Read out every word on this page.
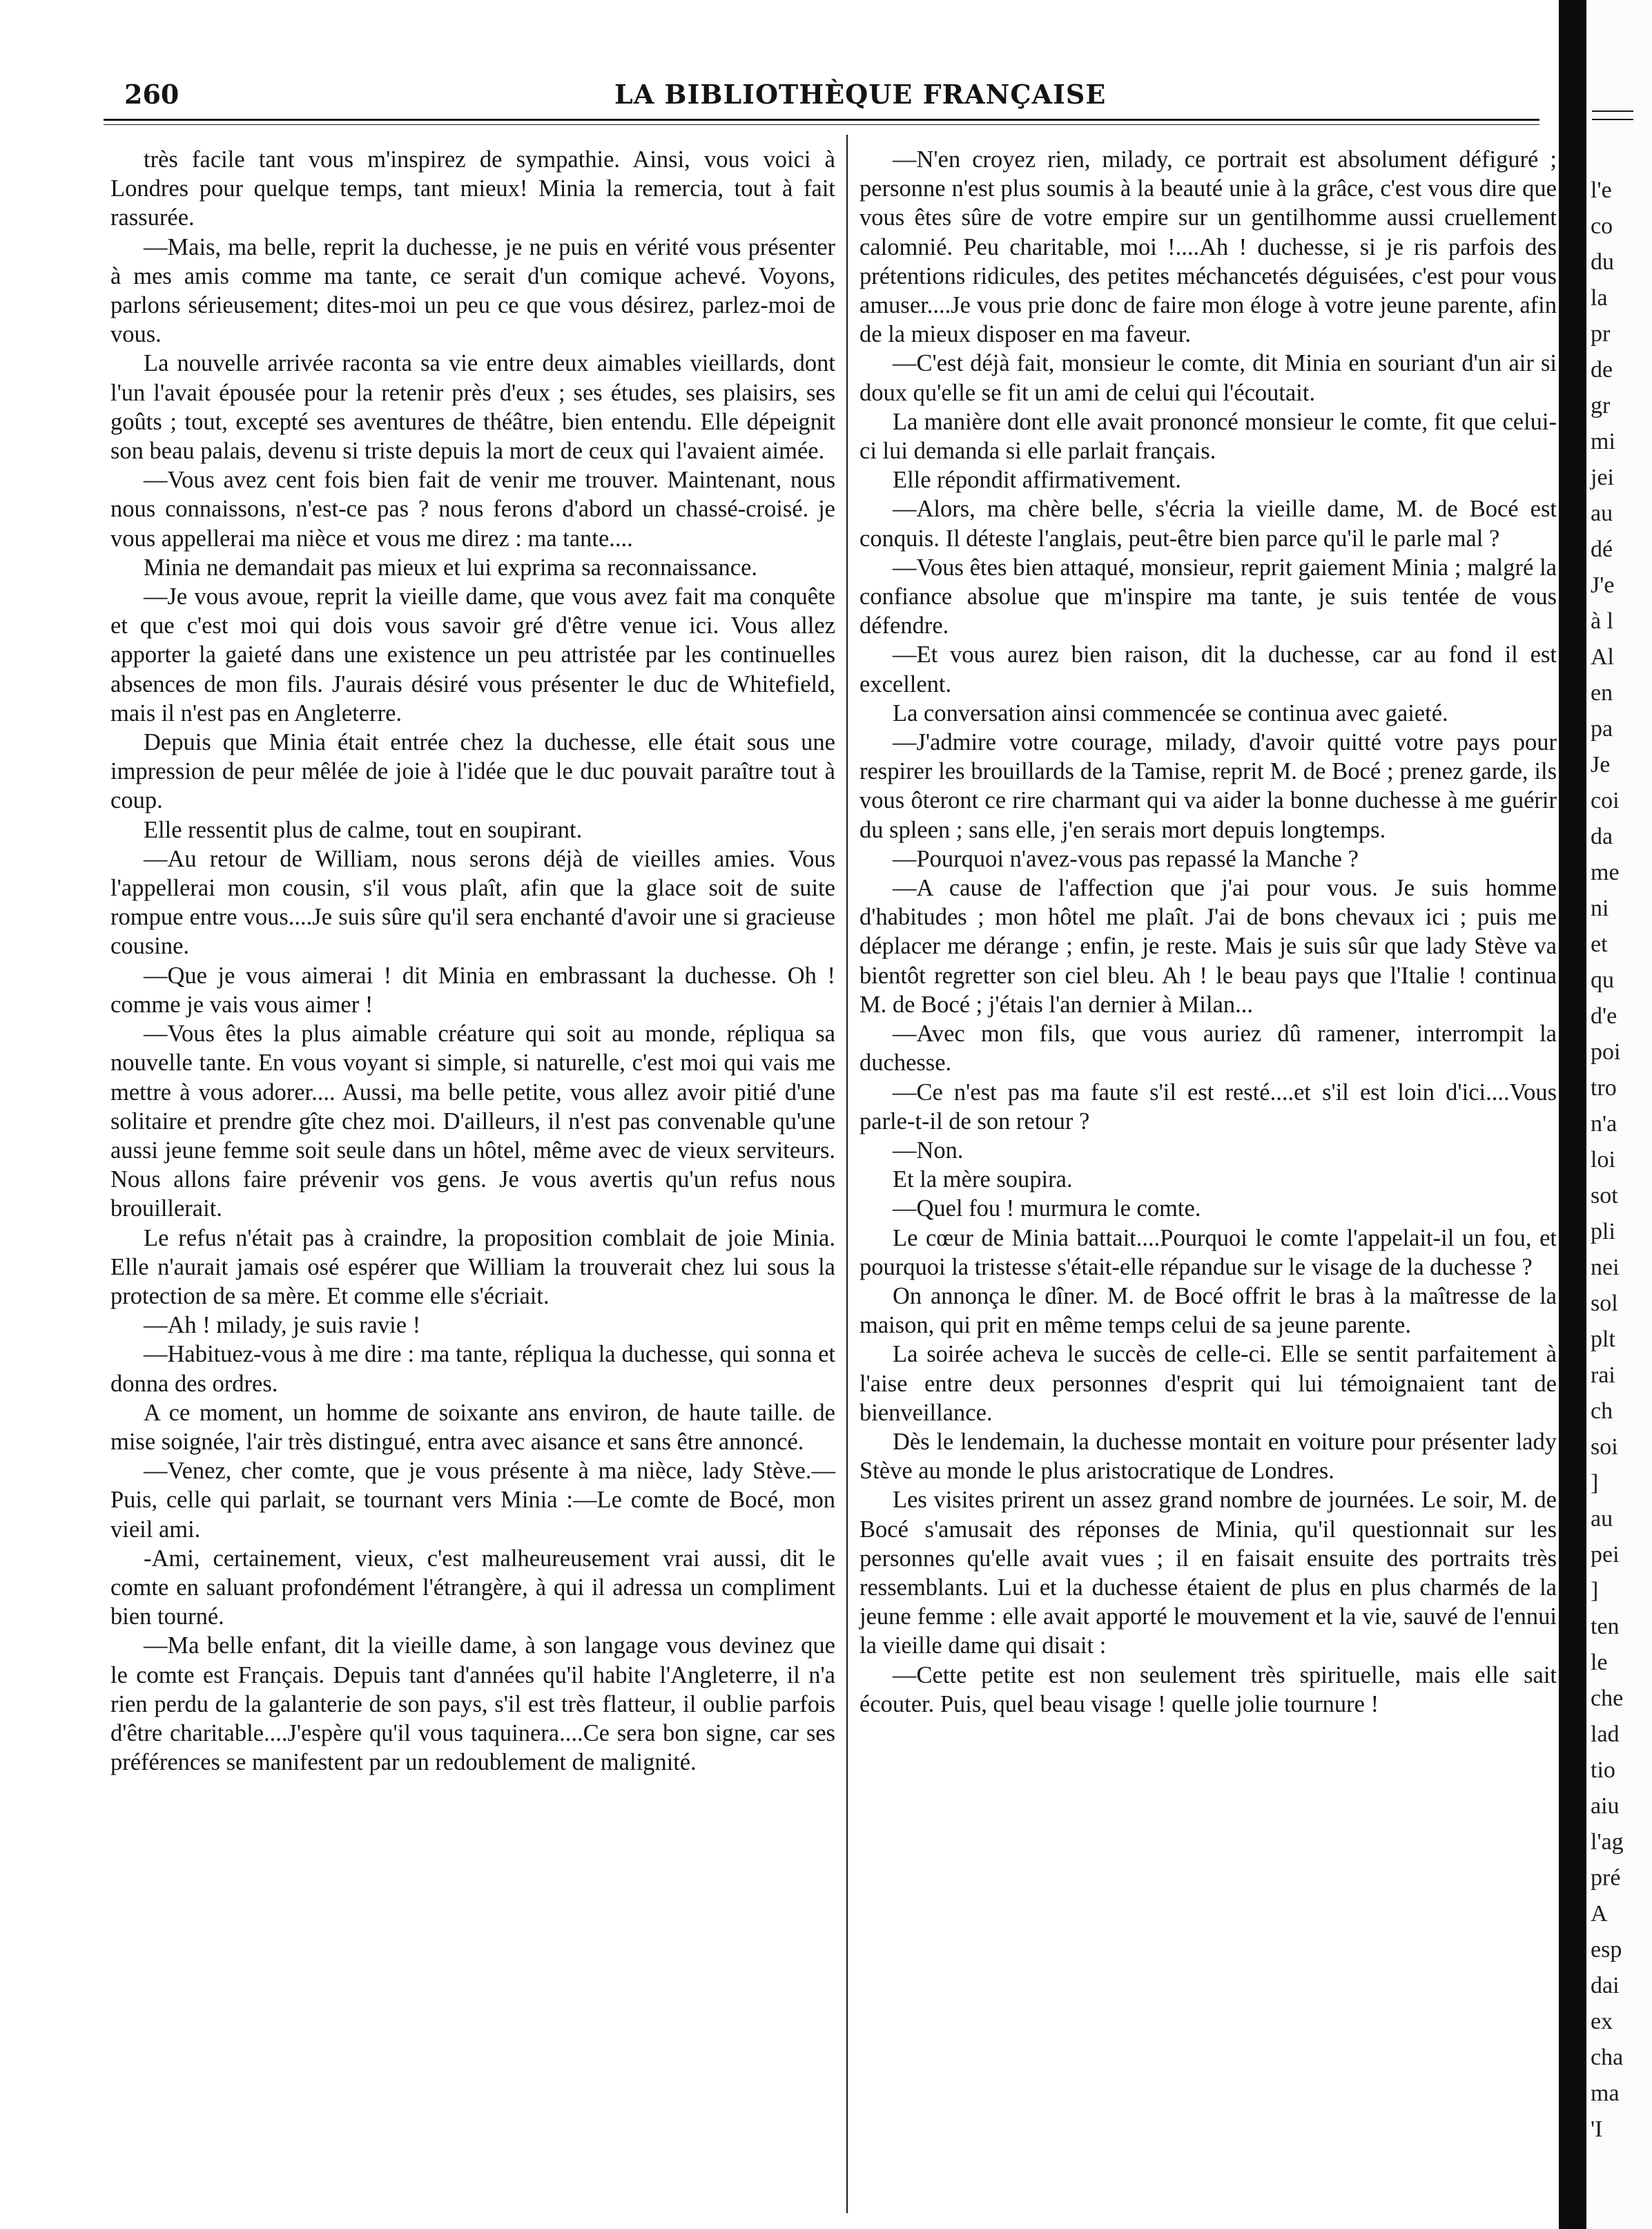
260	LA BIBLIOTHÈQUE FRANÇAISE

très facile tant vous m'inspirez de sympathie. Ainsi, vous voici à Londres pour quelque temps, tant mieux! Minia la remercia, tout à fait rassurée.

—Mais, ma belle, reprit la duchesse, je ne puis en vérité vous présenter à mes amis comme ma tante, ce serait d'un comique achevé. Voyons, parlons sérieusement; dites-moi un peu ce que vous désirez, parlez-moi de vous.

La nouvelle arrivée raconta sa vie entre deux aimables vieillards, dont l'un l'avait épousée pour la retenir près d'eux ; ses études, ses plaisirs, ses goûts ; tout, excepté ses aventures de théâtre, bien entendu. Elle dépeignit son beau palais, devenu si triste depuis la mort de ceux qui l'avaient aimée.

—Vous avez cent fois bien fait de venir me trouver. Maintenant, nous nous connaissons, n'est-ce pas ? nous ferons d'abord un chassé-croisé. je vous appellerai ma nièce et vous me direz : ma tante....

Minia ne demandait pas mieux et lui exprima sa reconnaissance.

—Je vous avoue, reprit la vieille dame, que vous avez fait ma conquête et que c'est moi qui dois vous savoir gré d'être venue ici. Vous allez apporter la gaieté dans une existence un peu attristée par les continuelles absences de mon fils. J'aurais désiré vous présenter le duc de Whitefield, mais il n'est pas en Angleterre.

Depuis que Minia était entrée chez la duchesse, elle était sous une impression de peur mêlée de joie à l'idée que le duc pouvait paraître tout à coup.

Elle ressentit plus de calme, tout en soupirant.

—Au retour de William, nous serons déjà de vieilles amies. Vous l'appellerai mon cousin, s'il vous plaît, afin que la glace soit de suite rompue entre vous....Je suis sûre qu'il sera enchanté d'avoir une si gracieuse cousine.

—Que je vous aimerai ! dit Minia en embrassant la duchesse. Oh ! comme je vais vous aimer !

—Vous êtes la plus aimable créature qui soit au monde, répliqua sa nouvelle tante. En vous voyant si simple, si naturelle, c'est moi qui vais me mettre à vous adorer.... Aussi, ma belle petite, vous allez avoir pitié d'une solitaire et prendre gîte chez moi. D'ailleurs, il n'est pas convenable qu'une aussi jeune femme soit seule dans un hôtel, même avec de vieux serviteurs. Nous allons faire prévenir vos gens. Je vous avertis qu'un refus nous brouillerait.

Le refus n'était pas à craindre, la proposition comblait de joie Minia. Elle n'aurait jamais osé espérer que William la trouverait chez lui sous la protection de sa mère. Et comme elle s'écriait.

—Ah ! milady, je suis ravie !

—Habituez-vous à me dire : ma tante, répliqua la duchesse, qui sonna et donna des ordres.

A ce moment, un homme de soixante ans environ, de haute taille. de mise soignée, l'air très distingué, entra avec aisance et sans être annoncé.

—Venez, cher comte, que je vous présente à ma nièce, lady Stève.—Puis, celle qui parlait, se tournant vers Minia :—Le comte de Bocé, mon vieil ami.

-Ami, certainement, vieux, c'est malheureusement vrai aussi, dit le comte en saluant profondément l'étrangère, à qui il adressa un compliment bien tourné.

—Ma belle enfant, dit la vieille dame, à son langage vous devinez que le comte est Français. Depuis tant d'années qu'il habite l'Angleterre, il n'a rien perdu de la galanterie de son pays, s'il est très flatteur, il oublie parfois d'être charitable....J'espère qu'il vous taquinera....Ce sera bon signe, car ses préférences se manifestent par un redoublement de malignité.

—N'en croyez rien, milady, ce portrait est absolument défiguré ; personne n'est plus soumis à la beauté unie à la grâce, c'est vous dire que vous êtes sûre de votre empire sur un gentilhomme aussi cruellement calomnié. Peu charitable, moi !....Ah ! duchesse, si je ris parfois des prétentions ridicules, des petites méchancetés déguisées, c'est pour vous amuser....Je vous prie donc de faire mon éloge à votre jeune parente, afin de la mieux disposer en ma faveur.

—C'est déjà fait, monsieur le comte, dit Minia en souriant d'un air si doux qu'elle se fit un ami de celui qui l'écoutait.

La manière dont elle avait prononcé monsieur le comte, fit que celui-ci lui demanda si elle parlait français.

Elle répondit affirmativement.

—Alors, ma chère belle, s'écria la vieille dame, M. de Bocé est conquis. Il déteste l'anglais, peut-être bien parce qu'il le parle mal ?

—Vous êtes bien attaqué, monsieur, reprit gaiement Minia ; malgré la confiance absolue que m'inspire ma tante, je suis tentée de vous défendre.

—Et vous aurez bien raison, dit la duchesse, car au fond il est excellent.

La conversation ainsi commencée se continua avec gaieté.

—J'admire votre courage, milady, d'avoir quitté votre pays pour respirer les brouillards de la Tamise, reprit M. de Bocé ; prenez garde, ils vous ôteront ce rire charmant qui va aider la bonne duchesse à me guérir du spleen ; sans elle, j'en serais mort depuis longtemps.

—Pourquoi n'avez-vous pas repassé la Manche ?

—A cause de l'affection que j'ai pour vous. Je suis homme d'habitudes ; mon hôtel me plaît. J'ai de bons chevaux ici ; puis me déplacer me dérange ; enfin, je reste. Mais je suis sûr que lady Stève va bientôt regretter son ciel bleu. Ah ! le beau pays que l'Italie ! continua M. de Bocé ; j'étais l'an dernier à Milan...

—Avec mon fils, que vous auriez dû ramener, interrompit la duchesse.

—Ce n'est pas ma faute s'il est resté....et s'il est loin d'ici....Vous parle-t-il de son retour ?

—Non.

Et la mère soupira.

—Quel fou ! murmura le comte.

Le cœur de Minia battait....Pourquoi le comte l'appelait-il un fou, et pourquoi la tristesse s'était-elle répandue sur le visage de la duchesse ?

On annonça le dîner. M. de Bocé offrit le bras à la maîtresse de la maison, qui prit en même temps celui de sa jeune parente.

La soirée acheva le succès de celle-ci. Elle se sentit parfaitement à l'aise entre deux personnes d'esprit qui lui témoignaient tant de bienveillance.

Dès le lendemain, la duchesse montait en voiture pour présenter lady Stève au monde le plus aristocratique de Londres.

Les visites prirent un assez grand nombre de journées. Le soir, M. de Bocé s'amusait des réponses de Minia, qu'il questionnait sur les personnes qu'elle avait vues ; il en faisait ensuite des portraits très ressemblants. Lui et la duchesse étaient de plus en plus charmés de la jeune femme : elle avait apporté le mouvement et la vie, sauvé de l'ennui la vieille dame qui disait :

—Cette petite est non seulement très spirituelle, mais elle sait écouter. Puis, quel beau visage ! quelle jolie tournure !

l'e
co
du
la
pr
de
gr
mi
jei
au
dé
J'e
à l
Al
en
pa
Je
coi
da
me
ni
et
qu
d'e
poi
tro
n'a
loi
sot
pli
nei
sol
plt
rai
ch
soi
]
au
pei
]
ten
le
che
lad
tio
aiu
l'ag
pré
A
esp
dai
ex
cha
ma
'I
